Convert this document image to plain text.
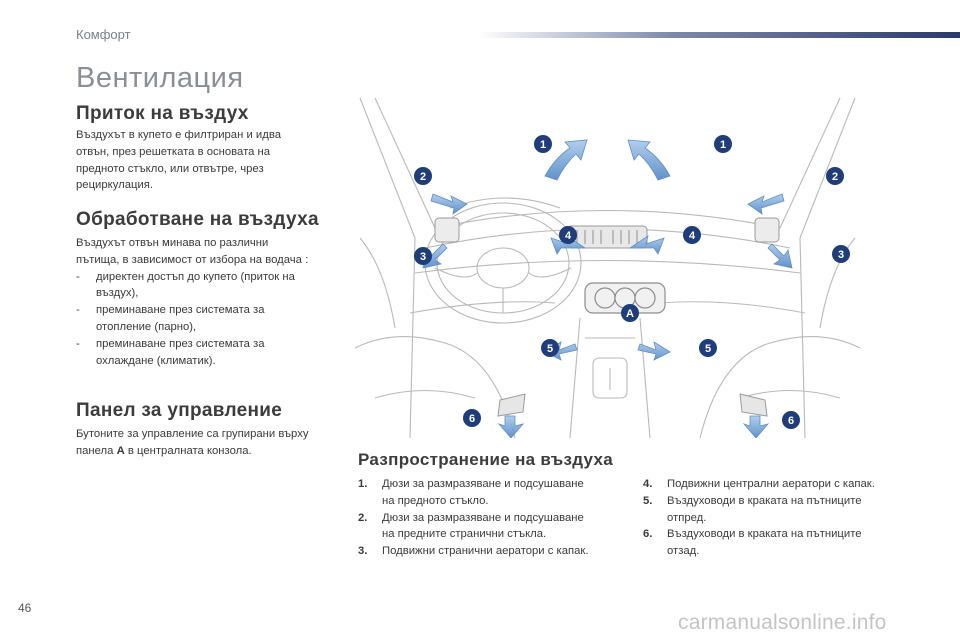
Комфорт
Вентилация
Приток на въздух
Въздухът в купето е филтриран и идва
отвън, през решетката в основата на
предното стъкло, или отвътре, чрез
рециркулация.
Обработване на въздуха
Въздухът отвън минава по различни
пътища, в зависимост от избора на водача :
- директен достъп до купето (приток на
въздух),
- преминаване през системата за
отопление (парно),
- преминаване през системата за
охлаждане (климатик).
Панел за управление
Бутоните за управление са групирани върху
панела A в централната конзола.
1	1
2	2
3	3
4	4
5	5
6	6
A
Разпространение на въздуха
1. Дюзи за размразяване и подсушаване
на предното стъкло.
2. Дюзи за размразяване и подсушаване
на предните странични стъкла.
3. Подвижни странични аератори с капак.
4. Подвижни централни аератори с капак.
5. Въздуховоди в краката на пътниците
отпред.
6. Въздуховоди в краката на пътниците
отзад.
46
carmanualsonline.info
